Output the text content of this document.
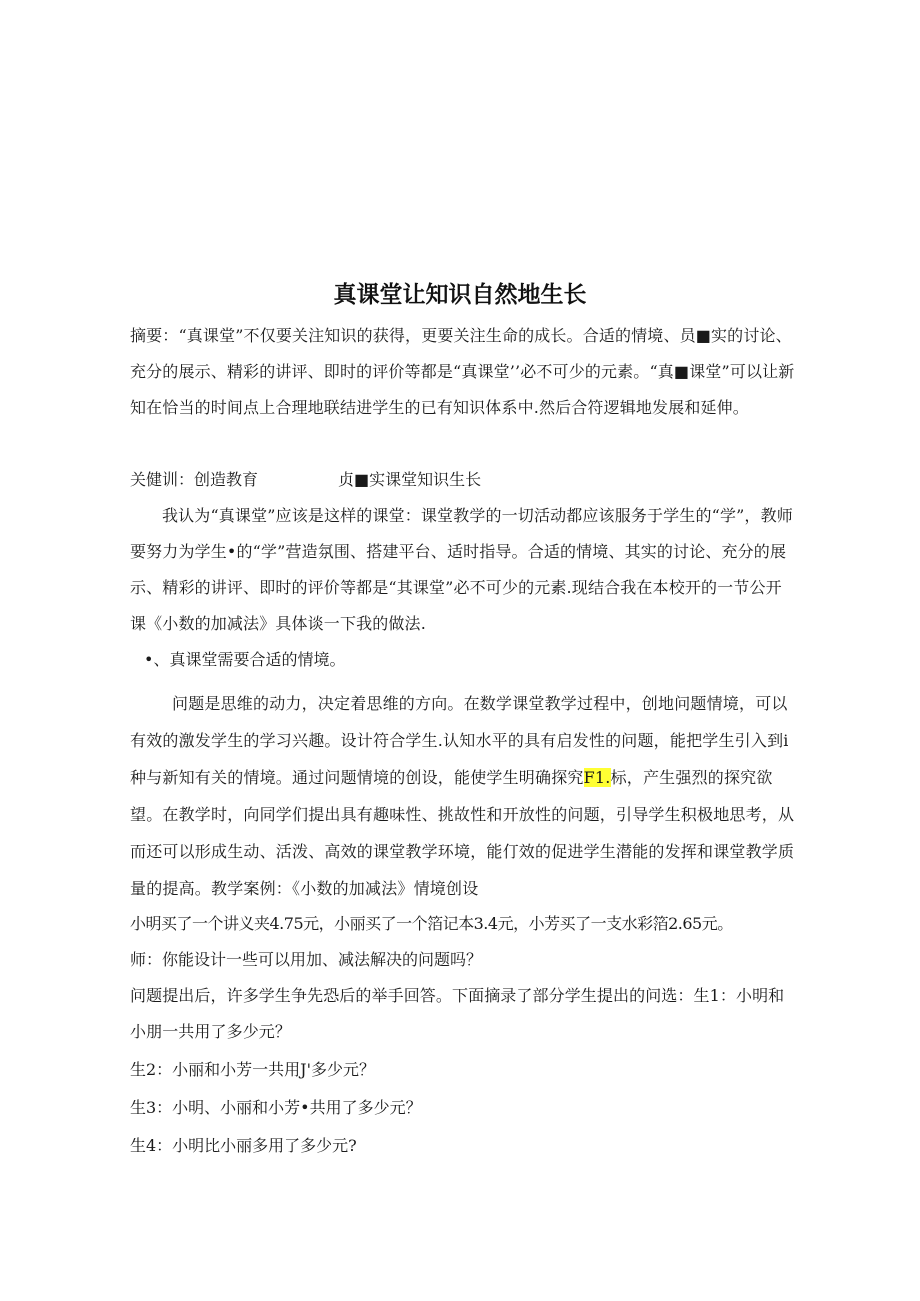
真课堂让知识自然地生长

摘要：“真课堂”不仅要关注知识的获得，更要关注生命的成长。合适的情境、员■实的讨论、充分的展示、精彩的讲评、即时的评价等都是“真课堂’’必不可少的元素。“真■课堂”可以让新知在恰当的时间点上合理地联结进学生的已有知识体系中.然后合符逻辑地发展和延伸。

关健训：创造教育	贞■实课堂知识生长

我认为“真课堂”应该是这样的课堂：课堂教学的一切活动都应该服务于学生的“学”，教师要努力为学生•的“学”营造氛围、搭建平台、适时指导。合适的情境、其实的讨论、充分的展示、精彩的讲评、即时的评价等都是“其课堂”必不可少的元素.现结合我在本校开的一节公开课《小数的加减法》具体谈一下我的做法.

•、真课堂需要合适的情境。

问题是思维的动力，决定着思维的方向。在数学课堂教学过程中，创地问题情境，可以有效的激发学生的学习兴趣。设计符合学生.认知水平的具有启发性的问题，能把学生引入到i种与新知有关的情境。通过问题情境的创设，能使学生明确探究F1.标，产生强烈的探究欲望。在教学时，向同学们提出具有趣味性、挑故性和开放性的问题，引导学生积极地思考，从而还可以形成生动、活泼、高效的课堂教学环境，能仃效的促进学生潜能的发挥和课堂教学质量的提高。教学案例：《小数的加减法》情境创设

小明买了一个讲义夹4.75元，小丽买了一个箔记本3.4元，小芳买了一支水彩箔2.65元。
师：你能设计一些可以用加、减法解决的问题吗？

问题提出后，许多学生争先恐后的举手回答。下面摘录了部分学生提出的问选：生1：小明和小朋一共用了多少元？

生2：小丽和小芳一共用J'多少元？
生3：小明、小丽和小芳•共用了多少元？
生4：小明比小丽多用了多少元?
